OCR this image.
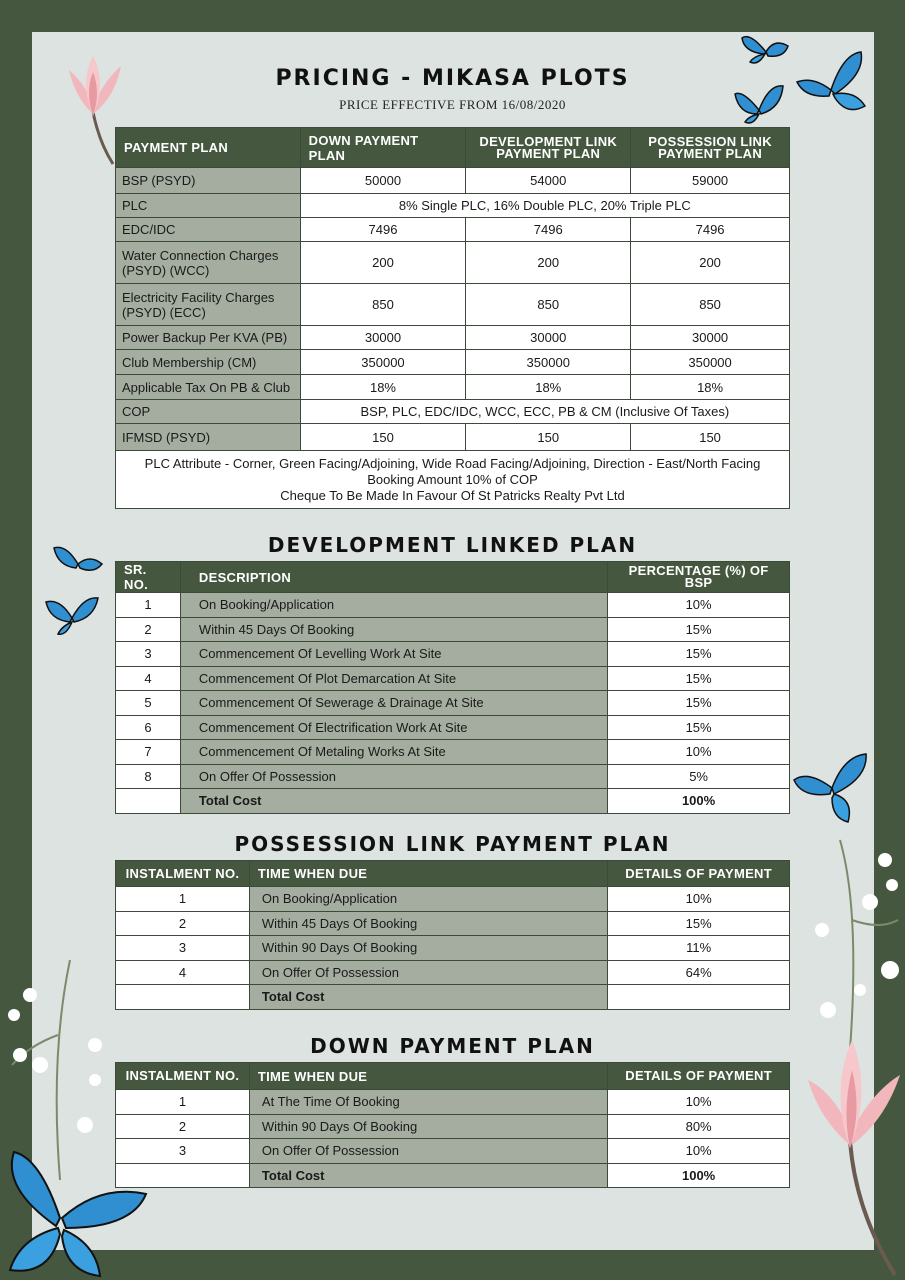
PRICING - MIKASA PLOTS
PRICE EFFECTIVE FROM 16/08/2020
PAYMENT PLAN	DOWN PAYMENT PLAN	DEVELOPMENT LINK PAYMENT PLAN	POSSESSION LINK PAYMENT PLAN
BSP (PSYD)	50000	54000	59000
PLC	8% Single PLC, 16% Double PLC, 20% Triple PLC		
EDC/IDC	7496	7496	7496
Water Connection Charges (PSYD) (WCC)	200	200	200
Electricity Facility Charges (PSYD) (ECC)	850	850	850
Power Backup Per KVA (PB)	30000	30000	30000
Club Membership (CM)	350000	350000	350000
Applicable Tax On PB & Club	18%	18%	18%
COP	BSP, PLC, EDC/IDC, WCC, ECC, PB & CM (Inclusive Of Taxes)		
IFMSD (PSYD)	150	150	150

PLC Attribute - Corner, Green Facing/Adjoining, Wide Road Facing/Adjoining, Direction - East/North Facing
Booking Amount 10% of COP
Cheque To Be Made In Favour Of St Patricks Realty Pvt Ltd			
DEVELOPMENT LINKED PLAN
SR. NO.	DESCRIPTION	PERCENTAGE (%) OF BSP
1	On Booking/Application	10%
2	Within 45 Days Of Booking	15%
3	Commencement Of Levelling Work At Site	15%
4	Commencement Of Plot Demarcation At Site	15%
5	Commencement Of Sewerage & Drainage At Site	15%
6	Commencement Of Electrification Work At Site	15%
7	Commencement Of Metaling Works At Site	10%
8	On Offer Of Possession	5%
	Total Cost	100%
POSSESSION LINK PAYMENT PLAN
INSTALMENT NO.	TIME WHEN DUE	DETAILS OF PAYMENT
1	On Booking/Application	10%
2	Within 45 Days Of Booking	15%
3	Within 90 Days Of Booking	11%
4	On Offer Of Possession	64%
	Total Cost	
DOWN PAYMENT PLAN
INSTALMENT NO.	TIME WHEN DUE	DETAILS OF PAYMENT
1	At The Time Of Booking	10%
2	Within 90 Days Of Booking	80%
3	On Offer Of Possession	10%
	Total Cost	100%
